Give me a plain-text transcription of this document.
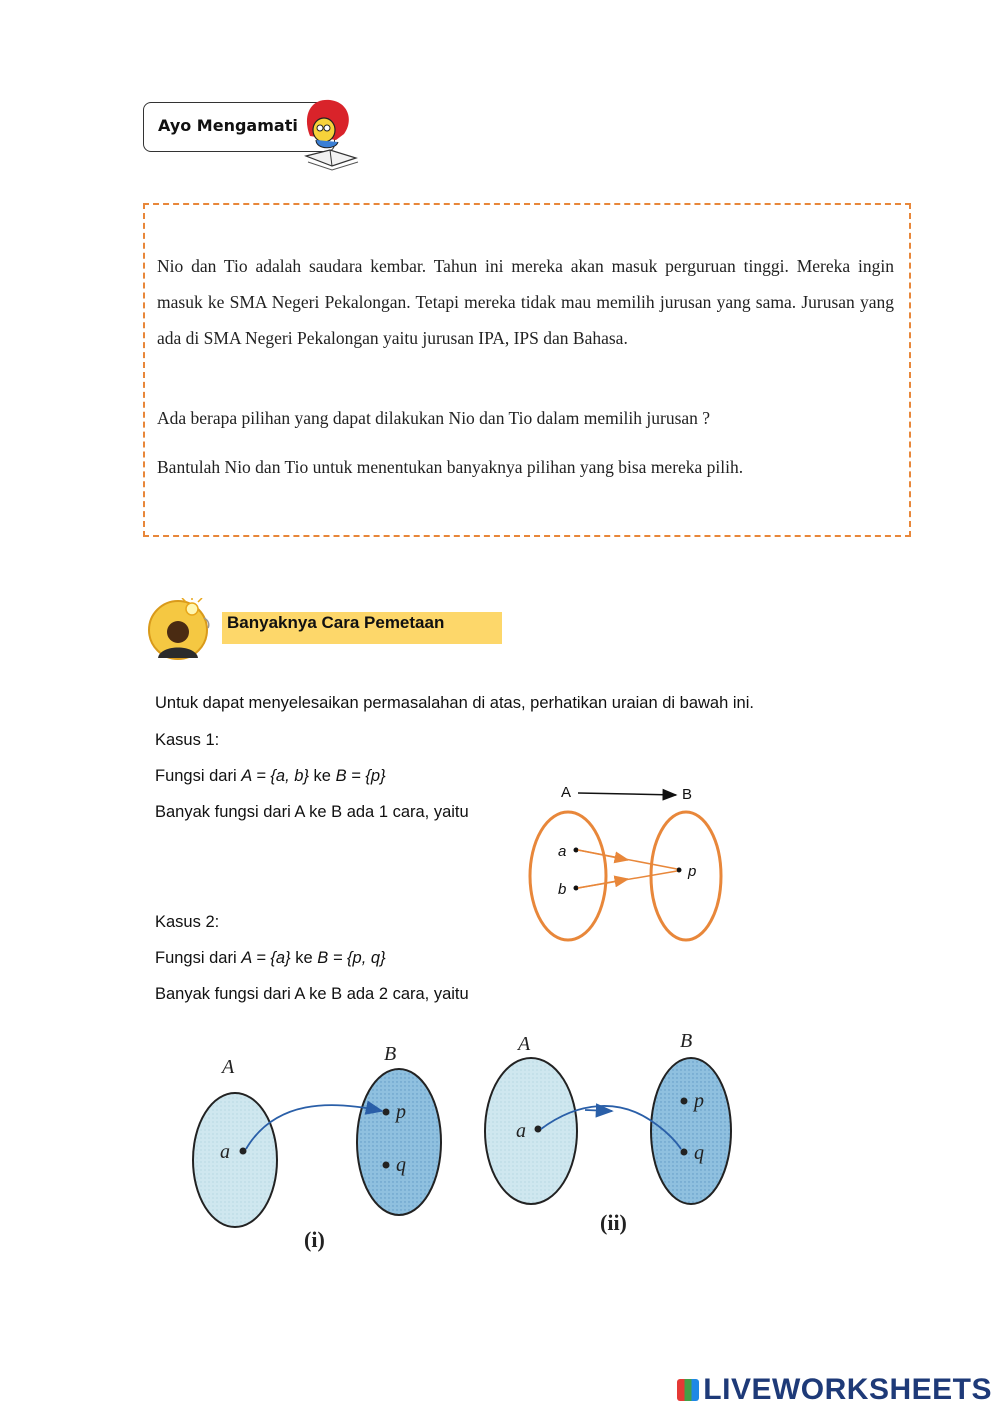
Ayo Mengamati

Nio dan Tio adalah saudara kembar. Tahun ini mereka akan masuk perguruan tinggi. Mereka ingin masuk ke SMA Negeri Pekalongan. Tetapi mereka tidak mau memilih jurusan yang sama. Jurusan yang ada di SMA Negeri Pekalongan yaitu jurusan IPA, IPS dan Bahasa.

Ada berapa pilihan yang dapat dilakukan Nio dan Tio dalam memilih jurusan ?

Bantulah Nio dan Tio untuk menentukan banyaknya pilihan yang bisa mereka pilih.

Banyaknya Cara Pemetaan
Untuk dapat menyelesaikan permasalahan di atas, perhatikan uraian di bawah ini.
Kasus 1:
Fungsi dari A = {a, b} ke B = {p}
Banyak fungsi dari A ke B ada 1 cara, yaitu
Kasus 2:
Fungsi dari A = {a} ke B = {p, q}
Banyak fungsi dari A ke B ada 2 cara, yaitu
A	B
a
b
p
A
B
a
p
q
(i)
A	B
a
p
q
(ii)
LIVEWORKSHEETS
